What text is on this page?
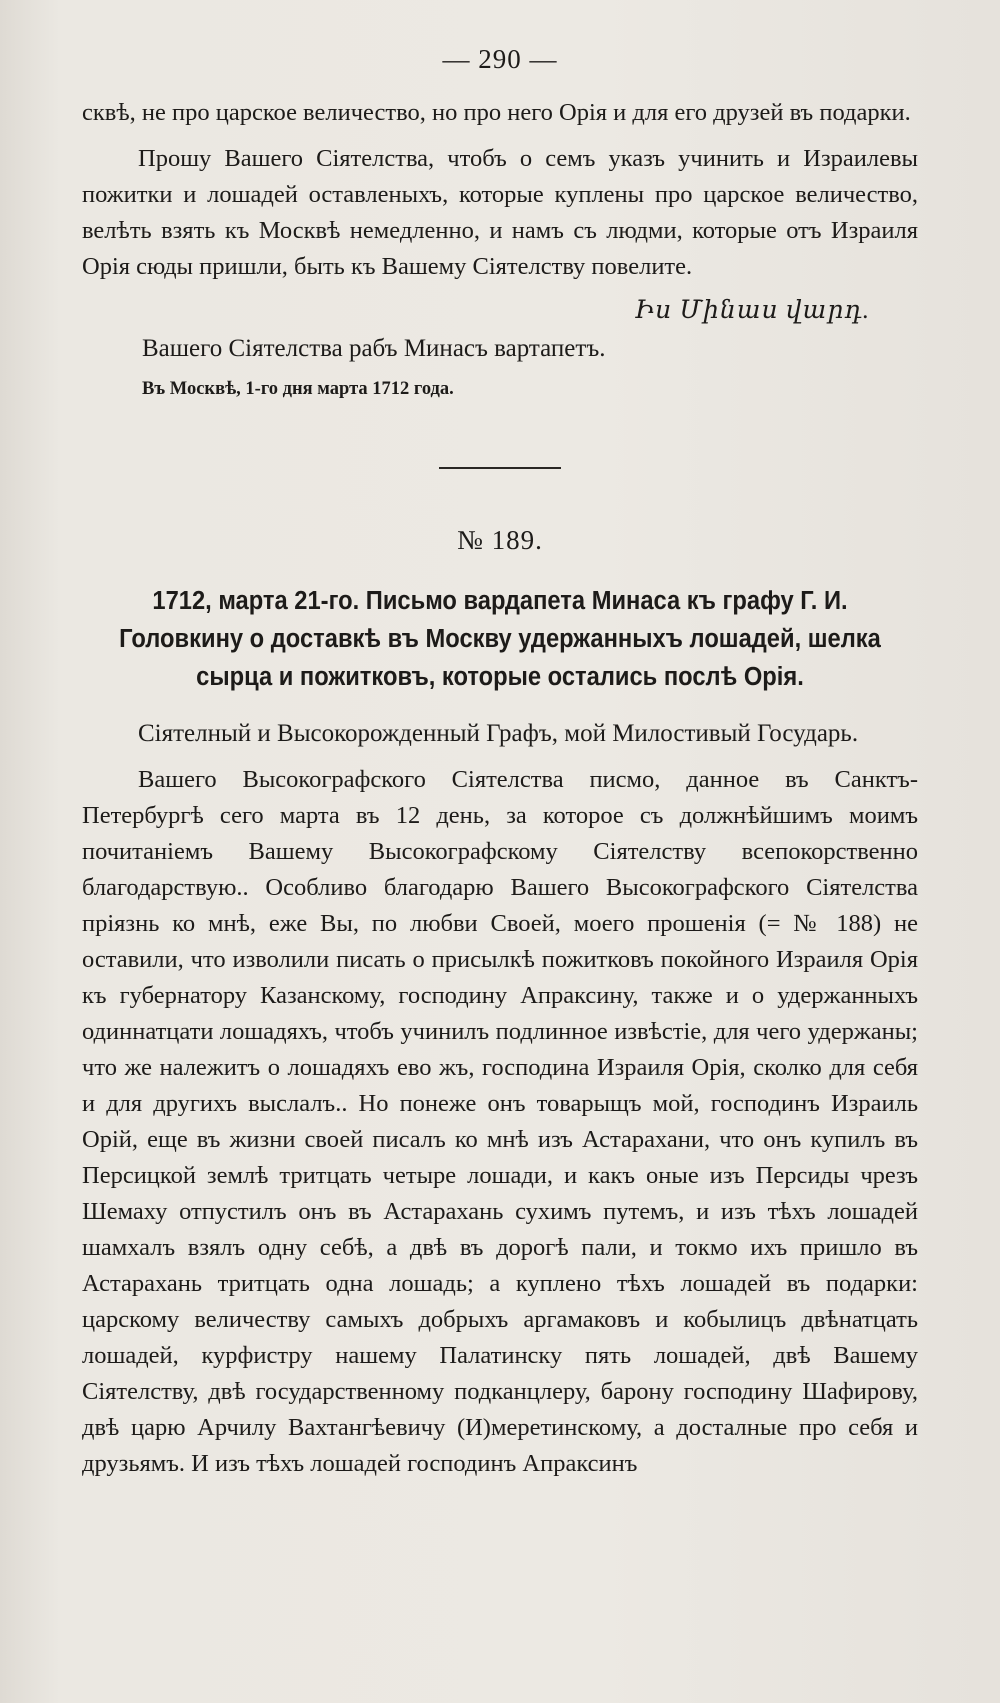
— 290 —

сквѣ, не про царское величество, но про него Орія и для его друзей въ подарки.

Прошу Вашего Сіятелства, чтобъ о семъ указъ учинить и Израилевы пожитки и лошадей оставленыхъ, которые куплены про царское величество, велѣть взять къ Москвѣ немедленно, и намъ съ людми, которые отъ Израиля Орія сюды пришли, быть къ Вашему Сіятелству повелите.

Իս Մինաս վարդ.
Вашего Сіятелства рабъ Минасъ вартапетъ.
Въ Москвѣ, 1-го дня марта 1712 года.
№ 189.
1712, марта 21-го. Письмо вардапета Минаса къ графу Г. И. Головкину о доставкѣ въ Москву удержанныхъ лошадей, шелка сырца и пожитковъ, которые остались послѣ Орія.
Сіятелный и Высокорожденный Графъ, мой Милостивый Государь.

Вашего Высокографского Сіятелства писмо, данное въ Санктъ-Петербургѣ сего марта въ 12 день, за которое съ должнѣйшимъ моимъ почитаніемъ Вашему Высокографскому Сіятелству всепокорственно благодарствую.. Особливо благодарю Вашего Высокографского Сіятелства пріязнь ко мнѣ, еже Вы, по любви Своей, моего прошенія (= № 188) не оставили, что изволили писать о присылкѣ пожитковъ покойного Израиля Орія къ губернатору Казанскому, господину Апраксину, также и о удержанныхъ одиннатцати лошадяхъ, чтобъ учинилъ подлинное извѣстіе, для чего удержаны; что же належитъ о лошадяхъ ево жъ, господина Израиля Орія, сколко для себя и для другихъ выслалъ.. Но понеже онъ товарыщъ мой, господинъ Израиль Орій, еще въ жизни своей писалъ ко мнѣ изъ Астарахани, что онъ купилъ въ Персицкой землѣ тритцать четыре лошади, и какъ оные изъ Персиды чрезъ Шемаху отпустилъ онъ въ Астарахань сухимъ путемъ, и изъ тѣхъ лошадей шамхалъ взялъ одну себѣ, а двѣ въ дорогѣ пали, и токмо ихъ пришло въ Астарахань тритцать одна лошадь; а куплено тѣхъ лошадей въ подарки: царскому величеству самыхъ добрыхъ аргамаковъ и кобылицъ двѣнатцать лошадей, курфистру нашему Палатинску пять лошадей, двѣ Вашему Сіятелству, двѣ государственному подканцлеру, барону господину Шафирову, двѣ царю Арчилу Вахтангѣевичу (И)меретинскому, а досталные про себя и друзьямъ. И изъ тѣхъ лошадей господинъ Апраксинъ
